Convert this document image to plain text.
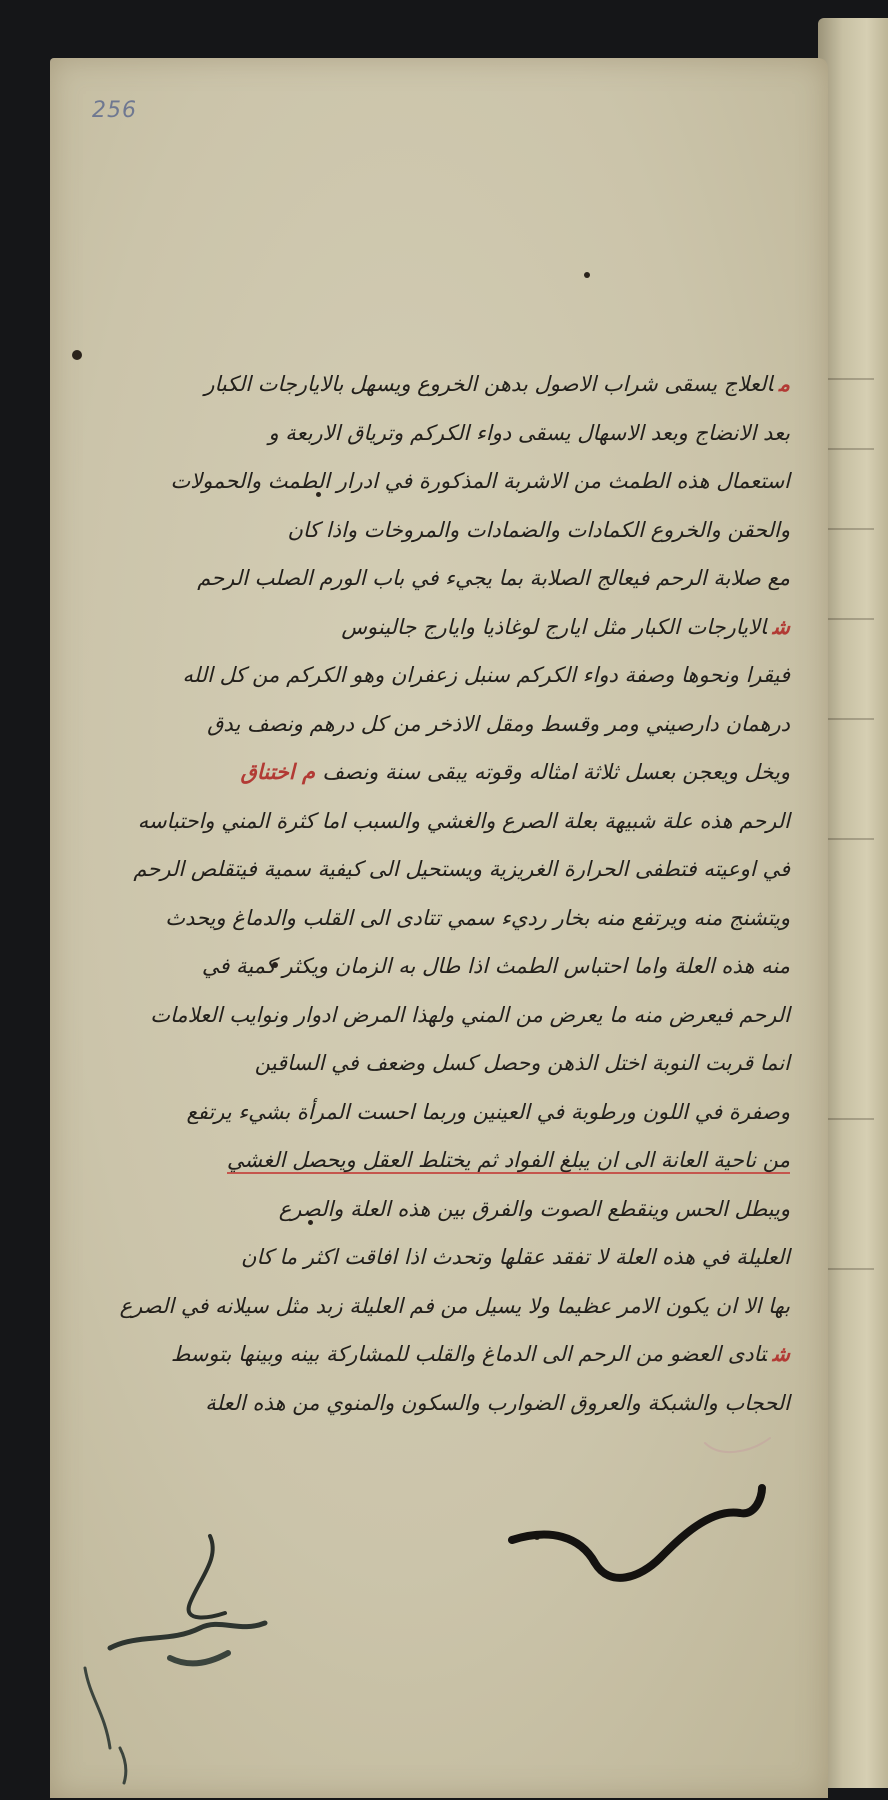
256
مالعلاج يسقى شراب الاصول بدهن الخروع ويسهل بالايارجات الكبار
بعد الانضاج وبعد الاسهال يسقى دواء الكركم وترياق الاربعة و
استعمال هذه الطمث من الاشربة المذكورة في ادرار الطمث والحمولات
والحقن والخروع الكمادات والضمادات والمروخات واذا كان
مع صلابة الرحم فيعالج الصلابة بما يجيء في باب الورم الصلب الرحم
شالايارجات الكبار مثل ايارج لوغاذيا وايارج جالينوس
فيقرا ونحوها وصفة دواء الكركم سنبل زعفران وهو الكركم من كل الله
درهمان دارصيني ومر وقسط ومقل الاذخر من كل درهم ونصف يدق
ويخل ويعجن بعسل ثلاثة امثاله وقوته يبقى سنة ونصف م اختناق
الرحم هذه علة شبيهة بعلة الصرع والغشي والسبب اما كثرة المني واحتباسه
في اوعيته فتطفى الحرارة الغريزية ويستحيل الى كيفية سمية فيتقلص الرحم
ويتشنج منه ويرتفع منه بخار رديء سمي تتادى الى القلب والدماغ ويحدث
منه هذه العلة واما احتباس الطمث اذا طال به الزمان ويكثر كمية في
الرحم فيعرض منه ما يعرض من المني ولهذا المرض ادوار ونوايب العلامات
انما قربت النوبة اختل الذهن وحصل كسل وضعف في الساقين
وصفرة في اللون ورطوبة في العينين وربما احست المرأة بشيء يرتفع
من ناحية العانة الى ان يبلغ الفواد ثم يختلط العقل ويحصل الغشي
ويبطل الحس وينقطع الصوت والفرق بين هذه العلة والصرع
العليلة في هذه العلة لا تفقد عقلها وتحدث اذا افاقت اكثر ما كان
بها الا ان يكون الامر عظيما ولا يسيل من فم العليلة زبد مثل سيلانه في الصرع
شتادى العضو من الرحم الى الدماغ والقلب للمشاركة بينه وبينها بتوسط
الحجاب والشبكة والعروق الضوارب والسكون والمنوي من هذه العلة
